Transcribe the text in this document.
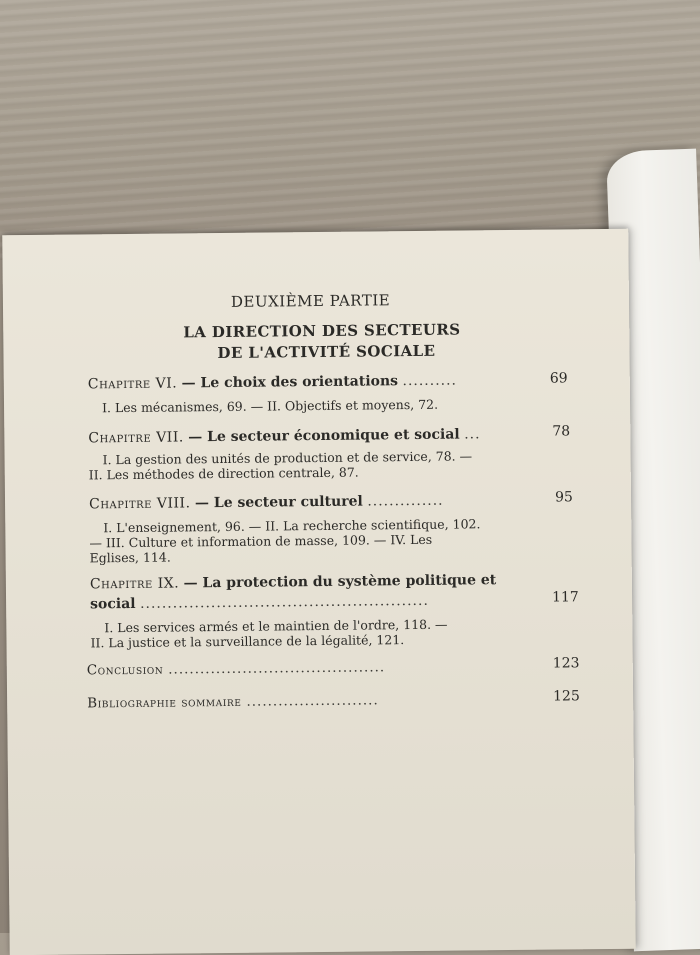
DEUXIÈME PARTIE
LA DIRECTION DES SECTEURS
DE L'ACTIVITÉ SOCIALE
Chapitre VI. — Le choix des orientations ..........	69
I. Les mécanismes, 69. — II. Objectifs et moyens, 72.
Chapitre VII. — Le secteur économique et social ...	78
I. La gestion des unités de production et de service, 78. —
II. Les méthodes de direction centrale, 87.
Chapitre VIII. — Le secteur culturel ..............	95
I. L'enseignement, 96. — II. La recherche scientifique, 102.
— III. Culture et information de masse, 109. — IV. Les
Eglises, 114.
Chapitre IX. — La protection du système politique et
social .....................................................	117
I. Les services armés et le maintien de l'ordre, 118. —
II. La justice et la surveillance de la légalité, 121.
Conclusion .........................................	123
Bibliographie sommaire .........................	125
